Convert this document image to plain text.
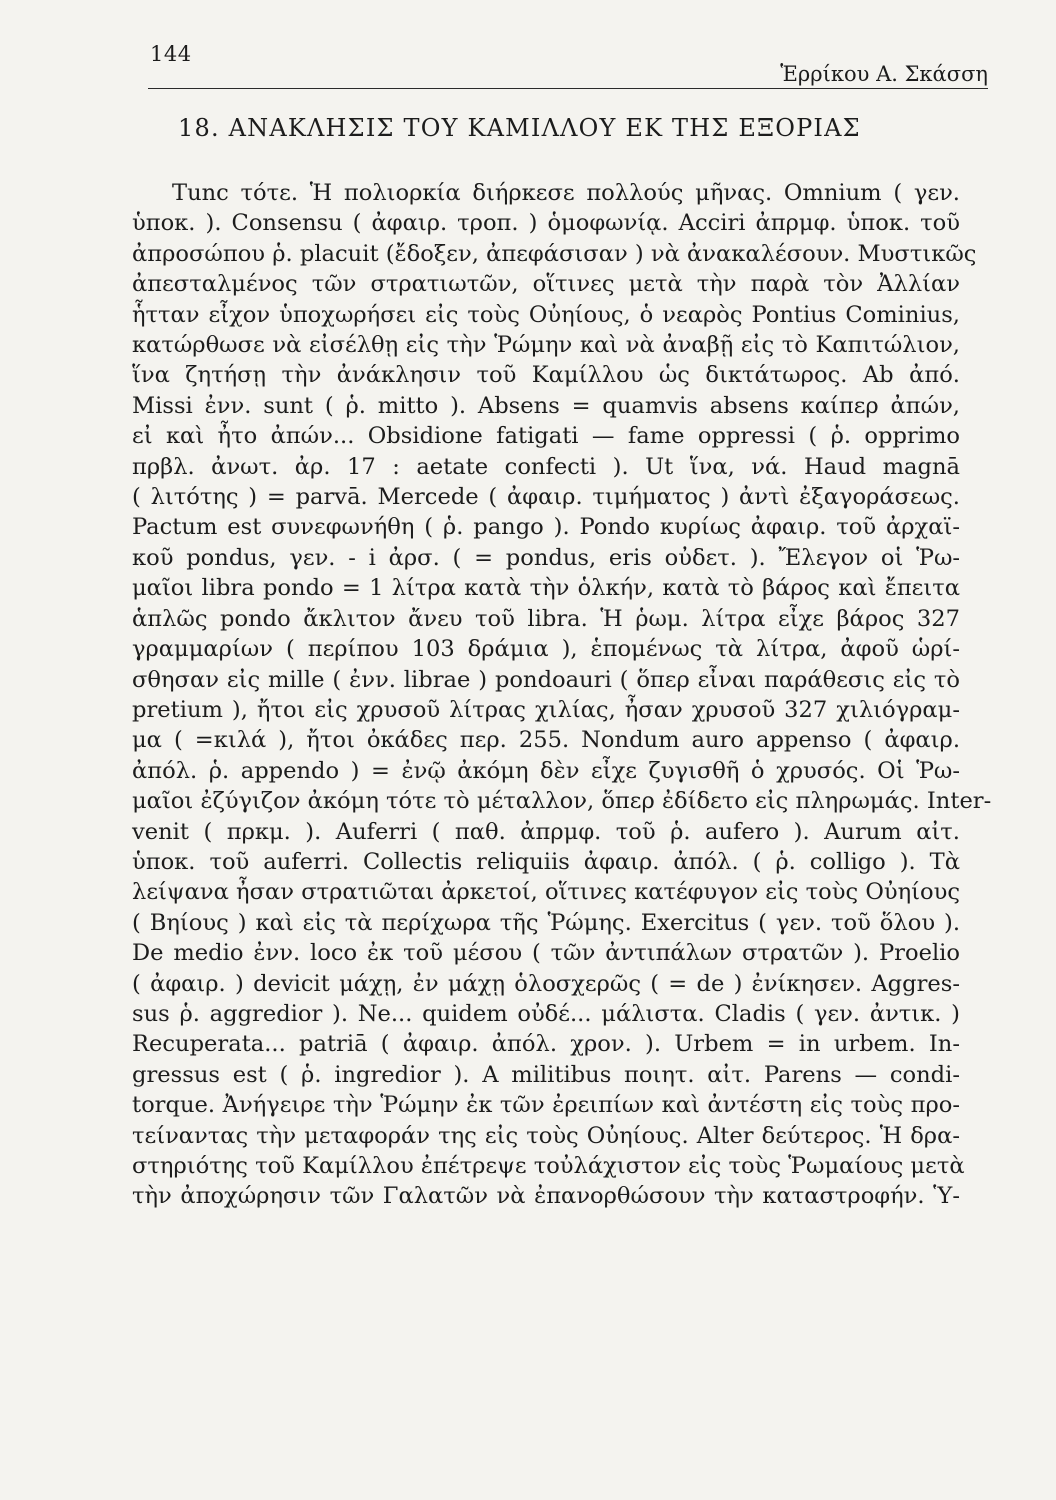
144
Ἑρρίκου Α. Σκάσση
18. ΑΝΑΚΛΗΣΙΣ ΤΟΥ ΚΑΜΙΛΛΟΥ ΕΚ ΤΗΣ ΕΞΟΡΙΑΣ
Tunc τότε. Ἡ πολιορκία διήρκεσε πολλούς μῆνας. Omnium ( γεν.
ὑποκ. ). Consensu ( ἀφαιρ. τροπ. ) ὁμοφωνίᾳ. Acciri ἀπρμφ. ὑποκ. τοῦ
ἀπροσώπου ῥ. placuit (ἔδοξεν, ἀπεφάσισαν ) νὰ ἀνακαλέσουν. Μυστικῶς
ἀπεσταλμένος τῶν στρατιωτῶν, οἵτινες μετὰ τὴν παρὰ τὸν Ἀλλίαν
ἧτταν εἶχον ὑποχωρήσει εἰς τοὺς Οὐηίους, ὁ νεαρὸς Pontius Cominius,
κατώρθωσε νὰ εἰσέλθῃ εἰς τὴν Ῥώμην καὶ νὰ ἀναβῇ εἰς τὸ Καπιτώλιον,
ἵνα ζητήσῃ τὴν ἀνάκλησιν τοῦ Καμίλλου ὡς δικτάτωρος. Ab ἀπό.
Missi ἐνν. sunt ( ῥ. mitto ). Absens = quamvis absens καίπερ ἀπών,
εἰ καὶ ἦτο ἀπών... Obsidione fatigati — fame oppressi ( ῥ. opprimo
πρβλ. ἀνωτ. ἀρ. 17 : aetate confecti ). Ut ἵνα, νά. Haud magnā
( λιτότης ) = parvā. Mercede ( ἀφαιρ. τιμήματος ) ἀντὶ ἐξαγοράσεως.
Pactum est συνεφωνήθη ( ῥ. pango ). Pondo κυρίως ἀφαιρ. τοῦ ἀρχαϊ-
κοῦ pondus, γεν. - i ἀρσ. ( = pondus, eris οὐδετ. ). Ἔλεγον οἱ Ῥω-
μαῖοι libra pondo = 1 λίτρα κατὰ τὴν ὁλκήν, κατὰ τὸ βάρος καὶ ἔπειτα
ἁπλῶς pondo ἄκλιτον ἄνευ τοῦ libra. Ἡ ῥωμ. λίτρα εἶχε βάρος 327
γραμμαρίων ( περίπου 103 δράμια ), ἑπομένως τὰ λίτρα, ἀφοῦ ὡρί-
σθησαν εἰς mille ( ἐνν. librae ) pondoauri ( ὅπερ εἶναι παράθεσις εἰς τὸ
pretium ), ἤτοι εἰς χρυσοῦ λίτρας χιλίας, ἦσαν χρυσοῦ 327 χιλιόγραμ-
μα ( =κιλά ), ἤτοι ὀκάδες περ. 255. Nondum auro appenso ( ἀφαιρ.
ἀπόλ. ῥ. appendo ) = ἐνῷ ἀκόμη δὲν εἶχε ζυγισθῆ ὁ χρυσός. Οἱ Ῥω-
μαῖοι ἐζύγιζον ἀκόμη τότε τὸ μέταλλον, ὅπερ ἐδίδετο εἰς πληρωμάς. Inter-
venit ( πρκμ. ). Auferri ( παθ. ἀπρμφ. τοῦ ῥ. aufero ). Aurum αἰτ.
ὑποκ. τοῦ auferri. Collectis reliquiis ἀφαιρ. ἀπόλ. ( ῥ. colligo ). Τὰ
λείψανα ἦσαν στρατιῶται ἀρκετοί, οἵτινες κατέφυγον εἰς τοὺς Οὐηίους
( Βηίους ) καὶ εἰς τὰ περίχωρα τῆς Ῥώμης. Exercitus ( γεν. τοῦ ὅλου ).
De medio ἐνν. loco ἐκ τοῦ μέσου ( τῶν ἀντιπάλων στρατῶν ). Proelio
( ἀφαιρ. ) devicit μάχῃ, ἐν μάχῃ ὁλοσχερῶς ( = de ) ἐνίκησεν. Aggres-
sus ῥ. aggredior ). Ne... quidem οὐδέ... μάλιστα. Cladis ( γεν. ἀντικ. )
Recuperata... patriā ( ἀφαιρ. ἀπόλ. χρον. ). Urbem = in urbem. In-
gressus est ( ῥ. ingredior ). A militibus ποιητ. αἰτ. Parens — condi-
torque. Ἀνήγειρε τὴν Ῥώμην ἐκ τῶν ἐρειπίων καὶ ἀντέστη εἰς τοὺς προ-
τείναντας τὴν μεταφοράν της εἰς τοὺς Οὐηίους. Alter δεύτερος. Ἡ δρα-
στηριότης τοῦ Καμίλλου ἐπέτρεψε τοὐλάχιστον εἰς τοὺς Ῥωμαίους μετὰ
τὴν ἀποχώρησιν τῶν Γαλατῶν νὰ ἐπανορθώσουν τὴν καταστροφήν. Ὑ-
